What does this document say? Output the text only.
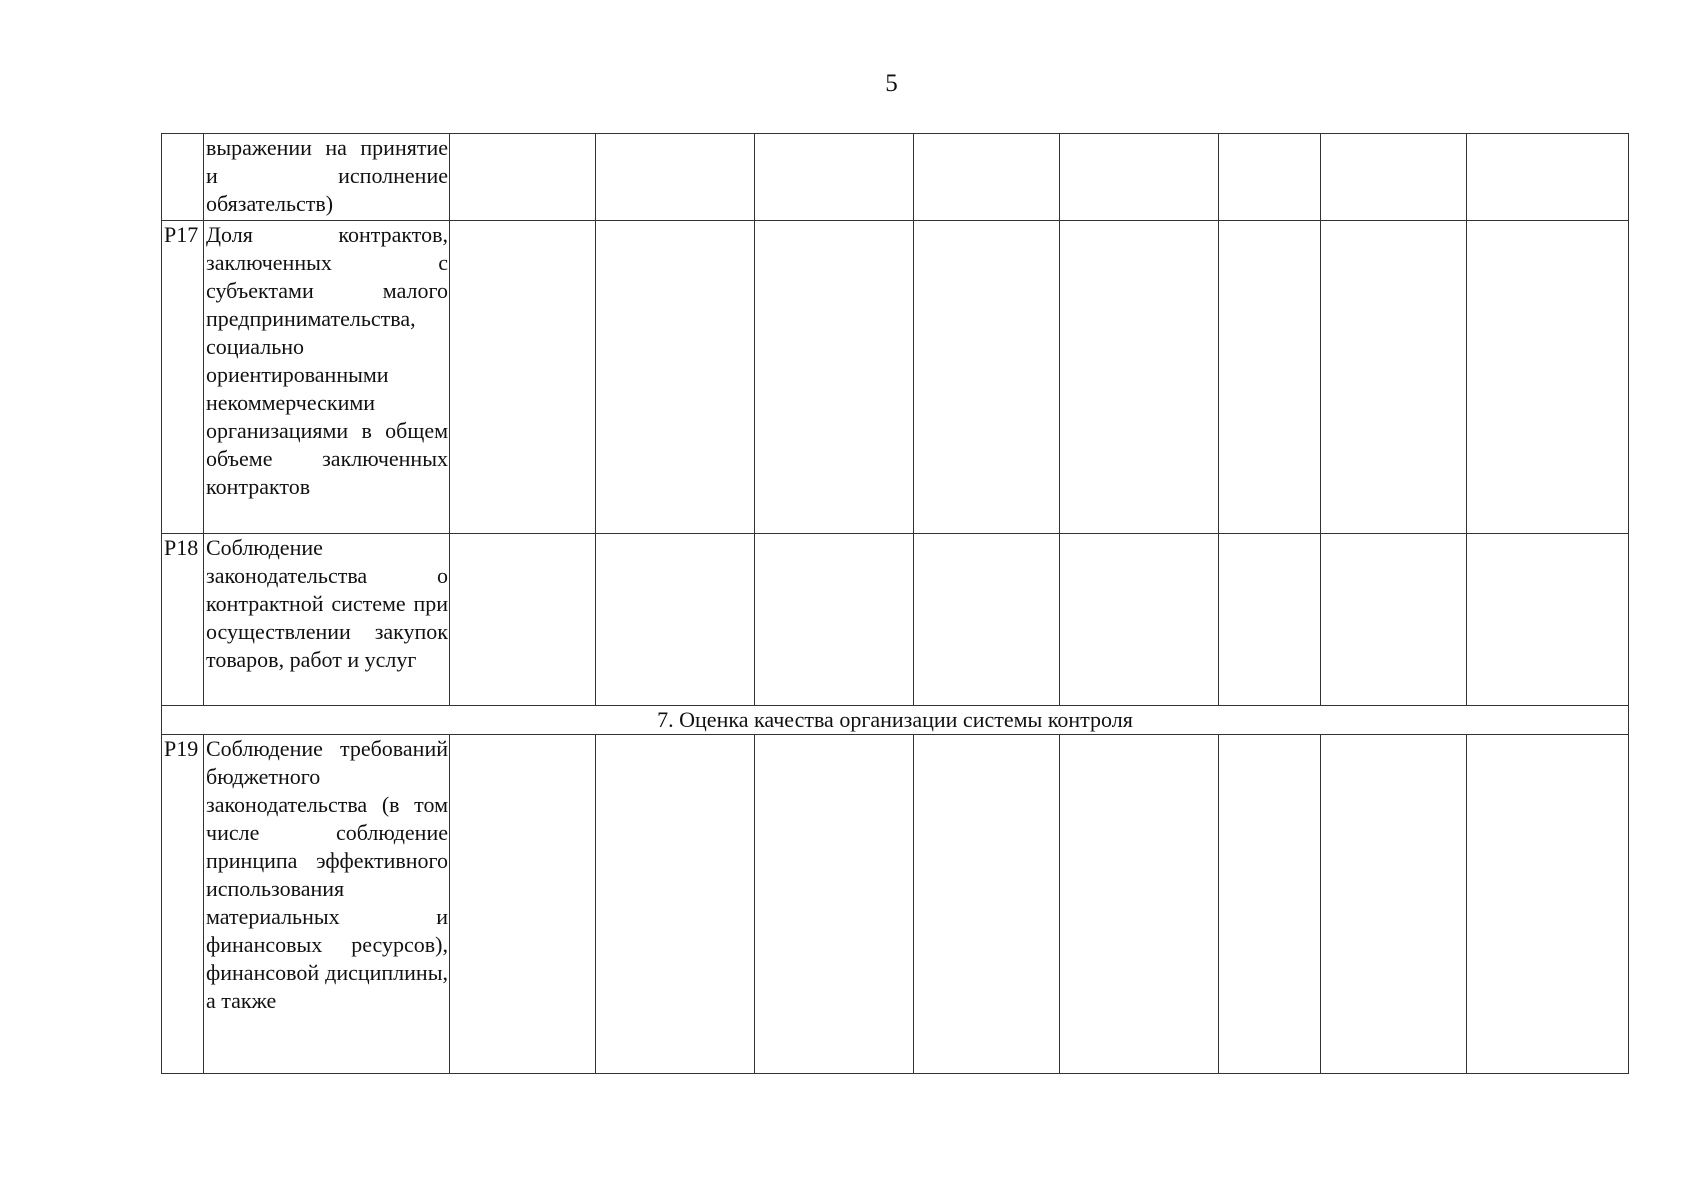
5

	выражении на принятие и исполнение обязательств)								

P17	Доля контрактов, заключенных с субъектами малого предпринимательства, социально ориентированными некоммерческими организациями в общем объеме заключенных контрактов								

P18	Соблюдение законодательства о контрактной системе при осуществлении закупок товаров, работ и услуг								

7. Оценка качества организации системы контроля									
P19	Соблюдение требований бюджетного законодательства (в том числе соблюдение принципа эффективного использования материальных и финансовых ресурсов), финансовой дисциплины, а также								
